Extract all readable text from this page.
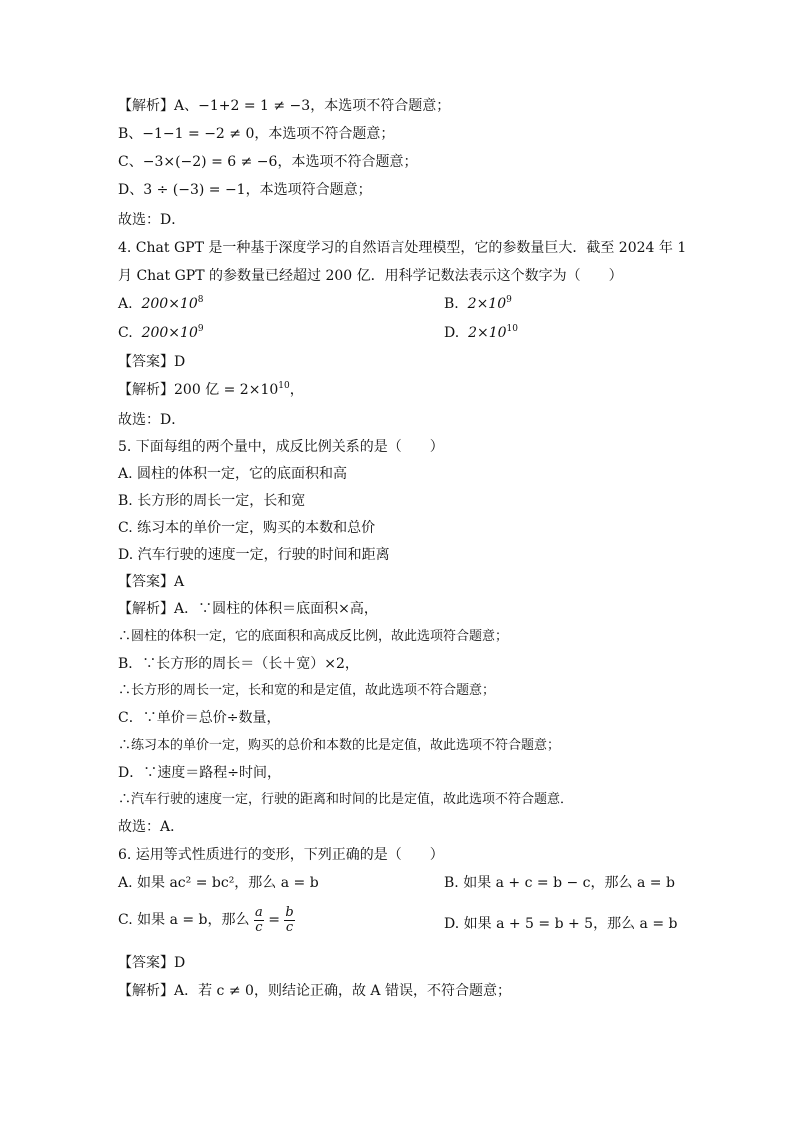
【解析】A、−1+2 = 1 ≠ −3，本选项不符合题意；
B、−1−1 = −2 ≠ 0，本选项不符合题意；
C、−3×(−2) = 6 ≠ −6，本选项不符合题意；
D、3 ÷ (−3) = −1，本选项符合题意；
故选：D．
4. Chat GPT 是一种基于深度学习的自然语言处理模型，它的参数量巨大．截至 2024 年 1
月 Chat GPT 的参数量已经超过 200 亿．用科学记数法表示这个数字为（　　）
A. $200\times 10^8$	B. $2\times 10^9$
C. $200\times 10^9$	D. $2\times 10^{10}$
【答案】D
【解析】200 亿 = $2\times 10^{10}$，
故选：D．
5. 下面每组的两个量中，成反比例关系的是（　　）
A. 圆柱的体积一定，它的底面积和高
B. 长方形的周长一定，长和宽
C. 练习本的单价一定，购买的本数和总价
D. 汽车行驶的速度一定，行驶的时间和距离
【答案】A
【解析】A．∵圆柱的体积＝底面积×高，
∴圆柱的体积一定，它的底面积和高成反比例，故此选项符合题意；
B．∵长方形的周长＝（长＋宽）×2，
∴长方形的周长一定，长和宽的和是定值，故此选项不符合题意；
C．∵单价＝总价÷数量，
∴练习本的单价一定，购买的总价和本数的比是定值，故此选项不符合题意；
D．∵速度＝路程÷时间，
∴汽车行驶的速度一定，行驶的距离和时间的比是定值，故此选项不符合题意．
故选：A．
6. 运用等式性质进行的变形，下列正确的是（　　）
A. 如果 ac² = bc²，那么 a = b	B. 如果 a + c = b − c，那么 a = b
C. 如果 a = b，那么 $\frac{a}{c} = \frac{b}{c}$	D. 如果 a + 5 = b + 5，那么 a = b
【答案】D
【解析】A．若 c ≠ 0，则结论正确，故 A 错误，不符合题意；
